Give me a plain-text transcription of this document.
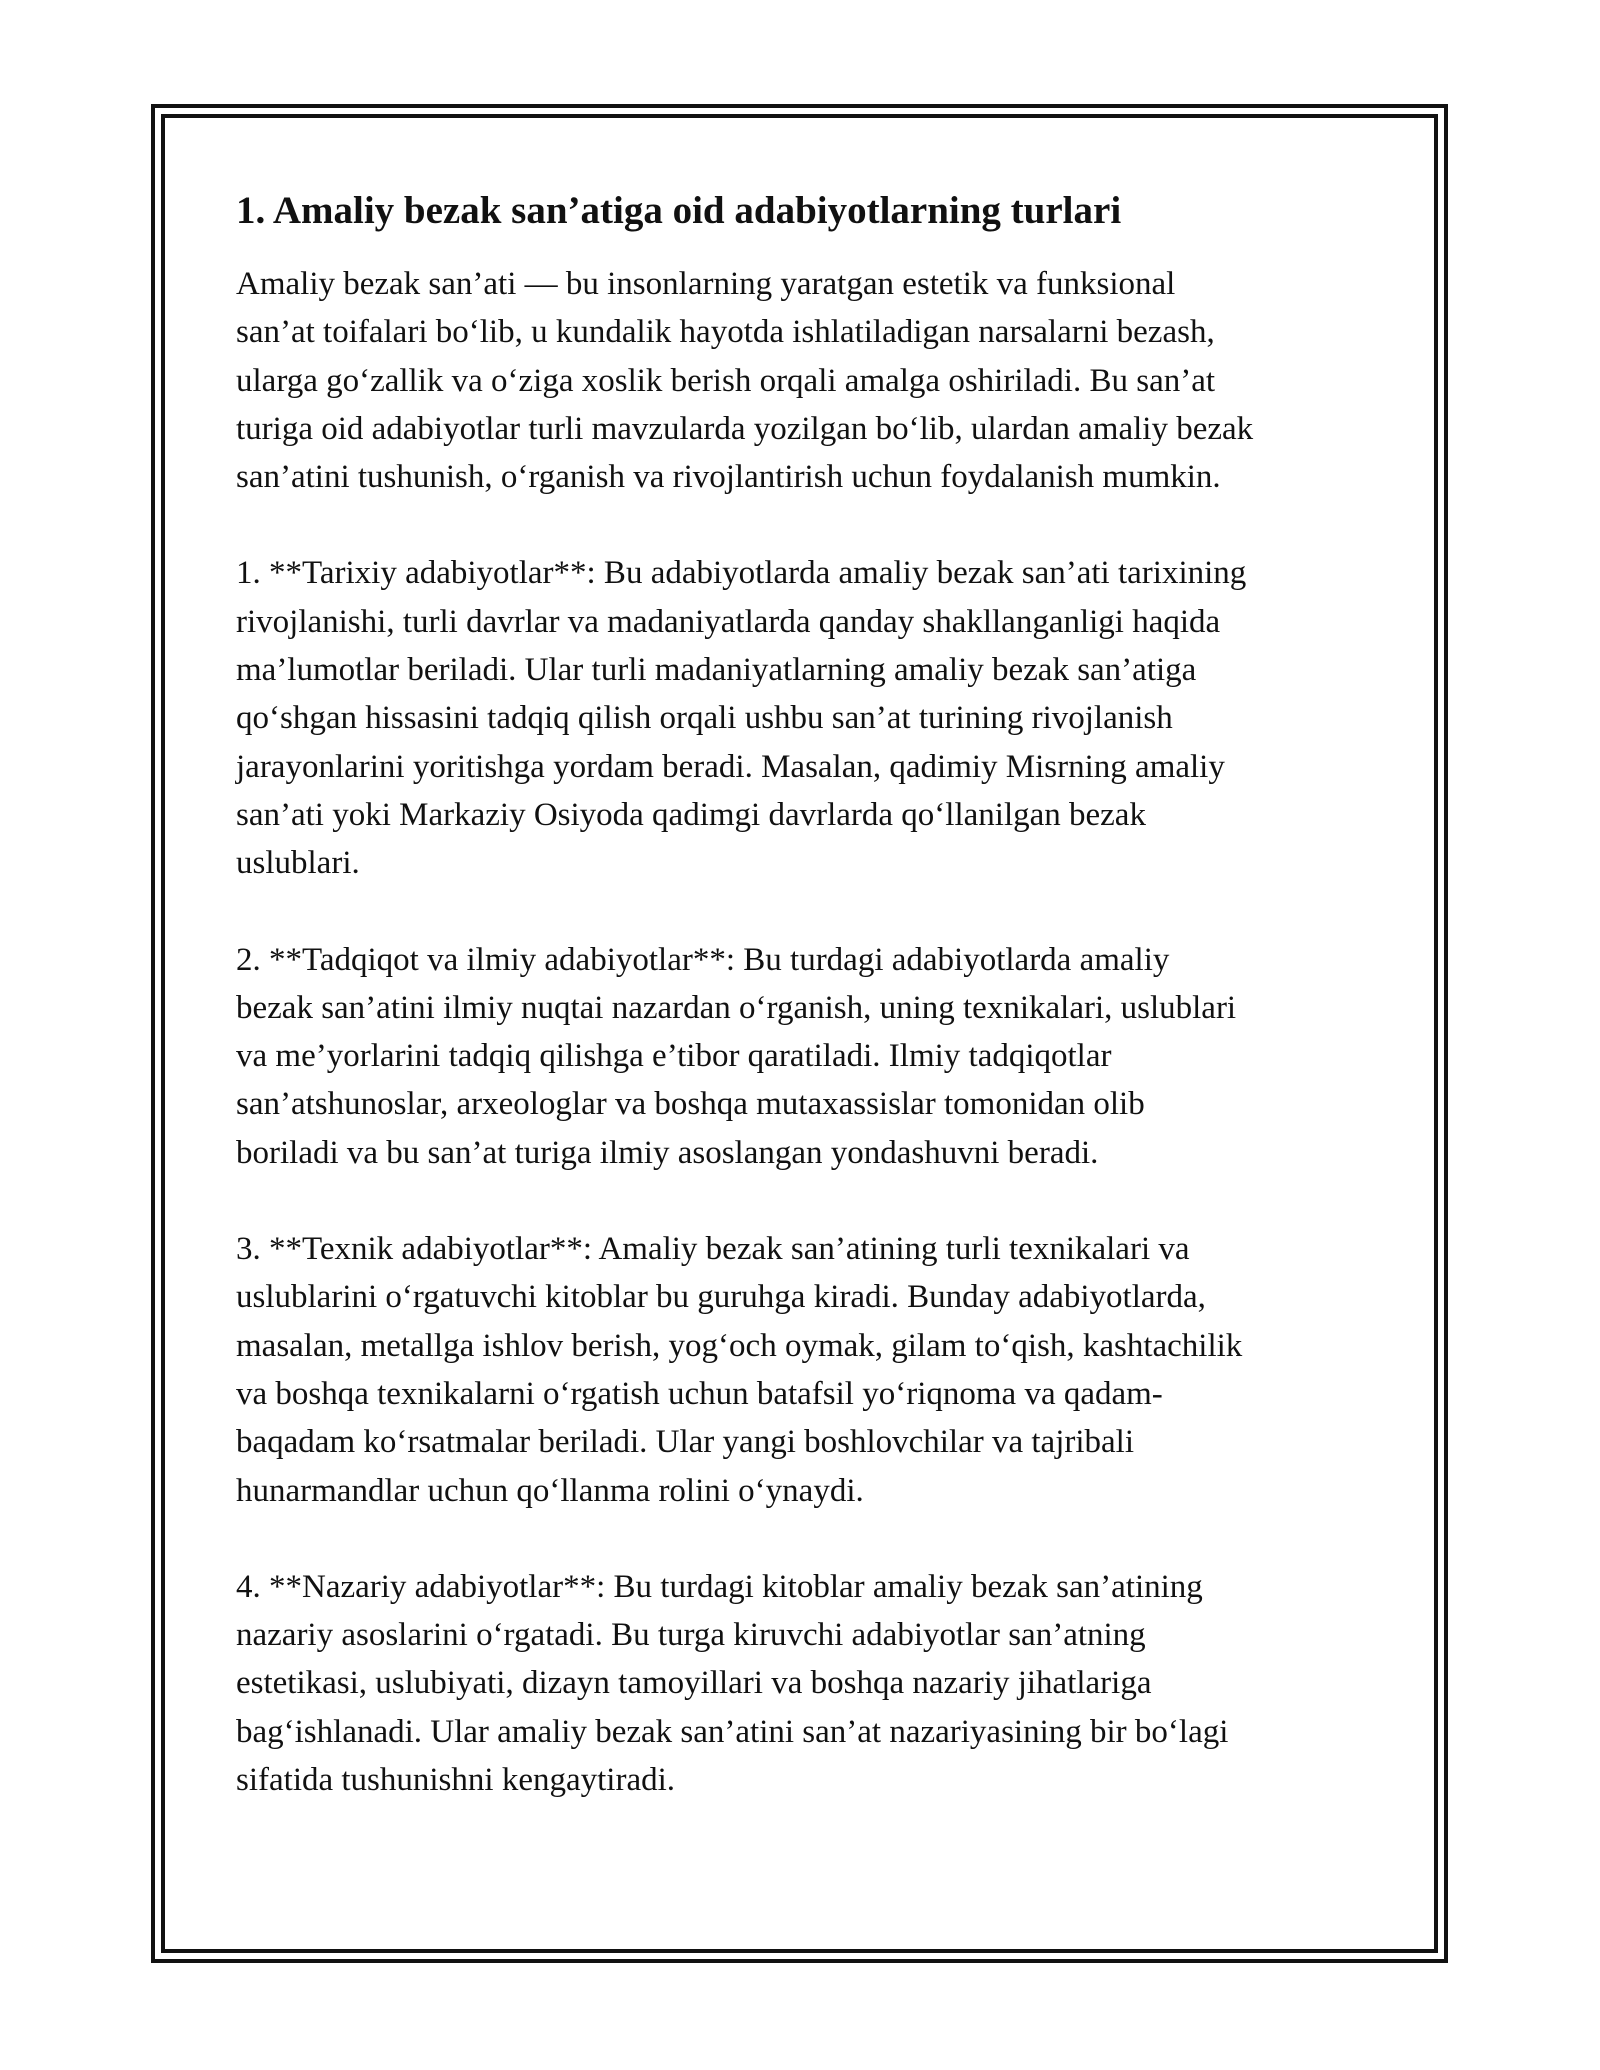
1. Amaliy bezak san’atiga oid adabiyotlarning turlari
Amaliy bezak san’ati — bu insonlarning yaratgan estetik va funksional
san’at toifalari bo‘lib, u kundalik hayotda ishlatiladigan narsalarni bezash,
ularga go‘zallik va o‘ziga xoslik berish orqali amalga oshiriladi. Bu san’at
turiga oid adabiyotlar turli mavzularda yozilgan bo‘lib, ulardan amaliy bezak
san’atini tushunish, o‘rganish va rivojlantirish uchun foydalanish mumkin.
1. **Tarixiy adabiyotlar**: Bu adabiyotlarda amaliy bezak san’ati tarixining
rivojlanishi, turli davrlar va madaniyatlarda qanday shakllanganligi haqida
ma’lumotlar beriladi. Ular turli madaniyatlarning amaliy bezak san’atiga
qo‘shgan hissasini tadqiq qilish orqali ushbu san’at turining rivojlanish
jarayonlarini yoritishga yordam beradi. Masalan, qadimiy Misrning amaliy
san’ati yoki Markaziy Osiyoda qadimgi davrlarda qo‘llanilgan bezak
uslublari.
2. **Tadqiqot va ilmiy adabiyotlar**: Bu turdagi adabiyotlarda amaliy
bezak san’atini ilmiy nuqtai nazardan o‘rganish, uning texnikalari, uslublari
va me’yorlarini tadqiq qilishga e’tibor qaratiladi. Ilmiy tadqiqotlar
san’atshunoslar, arxeologlar va boshqa mutaxassislar tomonidan olib
boriladi va bu san’at turiga ilmiy asoslangan yondashuvni beradi.
3. **Texnik adabiyotlar**: Amaliy bezak san’atining turli texnikalari va
uslublarini o‘rgatuvchi kitoblar bu guruhga kiradi. Bunday adabiyotlarda,
masalan, metallga ishlov berish, yog‘och oymak, gilam to‘qish, kashtachilik
va boshqa texnikalarni o‘rgatish uchun batafsil yo‘riqnoma va qadam-
baqadam ko‘rsatmalar beriladi. Ular yangi boshlovchilar va tajribali
hunarmandlar uchun qo‘llanma rolini o‘ynaydi.
4. **Nazariy adabiyotlar**: Bu turdagi kitoblar amaliy bezak san’atining
nazariy asoslarini o‘rgatadi. Bu turga kiruvchi adabiyotlar san’atning
estetikasi, uslubiyati, dizayn tamoyillari va boshqa nazariy jihatlariga
bag‘ishlanadi. Ular amaliy bezak san’atini san’at nazariyasining bir bo‘lagi
sifatida tushunishni kengaytiradi.
